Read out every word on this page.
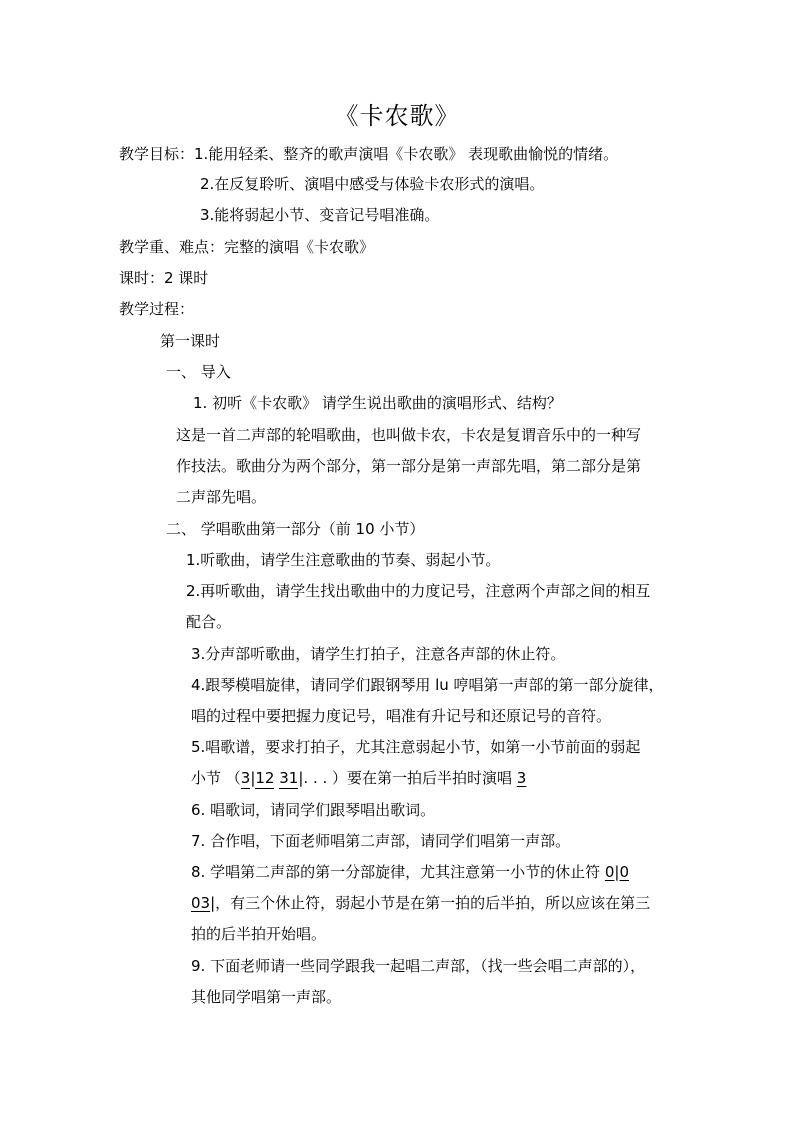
《卡农歌》
教学目标：1.能用轻柔、整齐的歌声演唱《卡农歌》 表现歌曲愉悦的情绪。
2.在反复聆听、演唱中感受与体验卡农形式的演唱。
3.能将弱起小节、变音记号唱准确。
教学重、难点：完整的演唱《卡农歌》
课时：2 课时
教学过程：
第一课时
一、 导入
1. 初听《卡农歌》 请学生说出歌曲的演唱形式、结构？
这是一首二声部的轮唱歌曲，也叫做卡农，卡农是复谓音乐中的一种写
作技法。歌曲分为两个部分，第一部分是第一声部先唱，第二部分是第
二声部先唱。
二、 学唱歌曲第一部分（前 10 小节）
1.听歌曲，请学生注意歌曲的节奏、弱起小节。
2.再听歌曲，请学生找出歌曲中的力度记号，注意两个声部之间的相互
配合。
3.分声部听歌曲，请学生打拍子，注意各声部的休止符。
4.跟琴模唱旋律，请同学们跟钢琴用 lu 哼唱第一声部的第一部分旋律，
唱的过程中要把握力度记号，唱准有升记号和还原记号的音符。
5.唱歌谱，要求打拍子，尤其注意弱起小节，如第一小节前面的弱起
小节 （3|12 31|. . . ）要在第一拍后半拍时演唱 3
6. 唱歌词，请同学们跟琴唱出歌词。
7. 合作唱，下面老师唱第二声部，请同学们唱第一声部。
8. 学唱第二声部的第一分部旋律，尤其注意第一小节的休止符 0|0
03|，有三个休止符，弱起小节是在第一拍的后半拍，所以应该在第三
拍的后半拍开始唱。
9. 下面老师请一些同学跟我一起唱二声部，（找一些会唱二声部的），
其他同学唱第一声部。
